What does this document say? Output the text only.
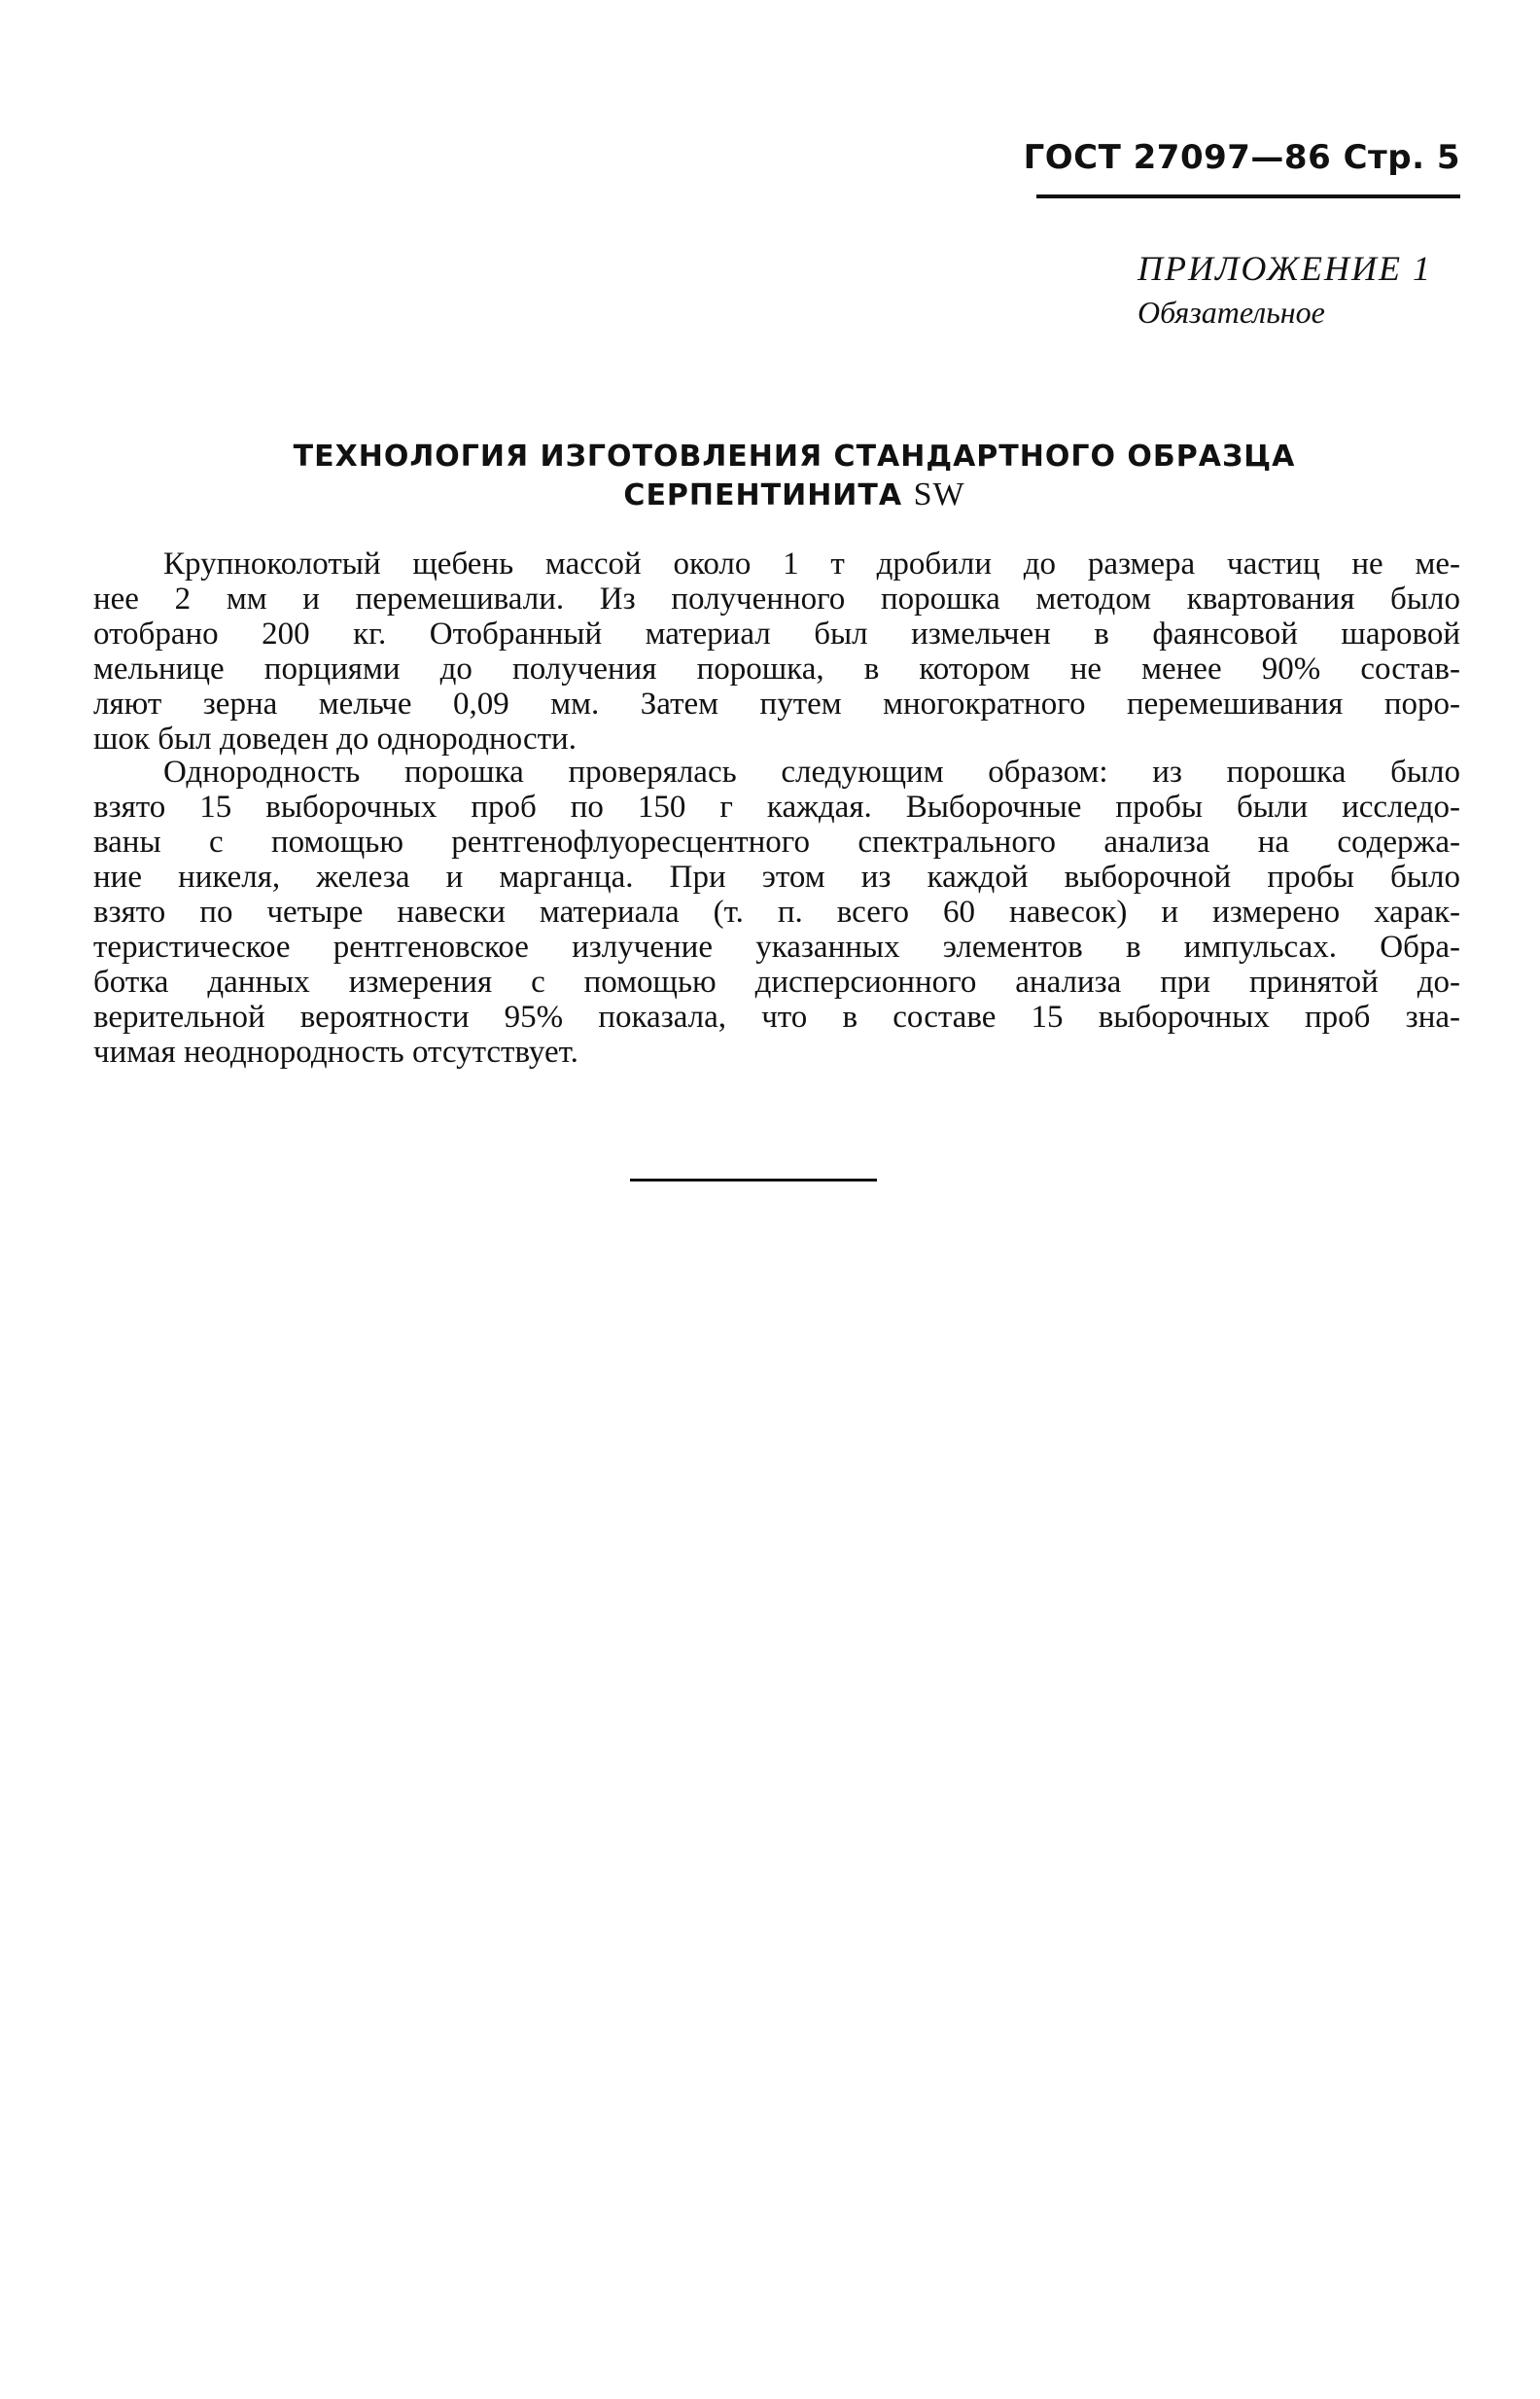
ГОСТ 27097—86 Стр. 5
ПРИЛОЖЕНИЕ 1
Обязательное
ТЕХНОЛОГИЯ ИЗГОТОВЛЕНИЯ СТАНДАРТНОГО ОБРАЗЦА
СЕРПЕНТИНИТА SW
Крупноколотый щебень массой около 1 т дробили до размера частиц не ме-
нее 2 мм и перемешивали. Из полученного порошка методом квартования было
отобрано 200 кг. Отобранный материал был измельчен в фаянсовой шаровой
мельнице порциями до получения порошка, в котором не менее 90% состав-
ляют зерна мельче 0,09 мм. Затем путем многократного перемешивания поро-
шок был доведен до однородности.
Однородность порошка проверялась следующим образом: из порошка было
взято 15 выборочных проб по 150 г каждая. Выборочные пробы были исследо-
ваны с помощью рентгенофлуоресцентного спектрального анализа на содержа-
ние никеля, железа и марганца. При этом из каждой выборочной пробы было
взято по четыре навески материала (т. п. всего 60 навесок) и измерено харак-
теристическое рентгеновское излучение указанных элементов в импульсах. Обра-
ботка данных измерения с помощью дисперсионного анализа при принятой до-
верительной вероятности 95% показала, что в составе 15 выборочных проб зна-
чимая неоднородность отсутствует.
